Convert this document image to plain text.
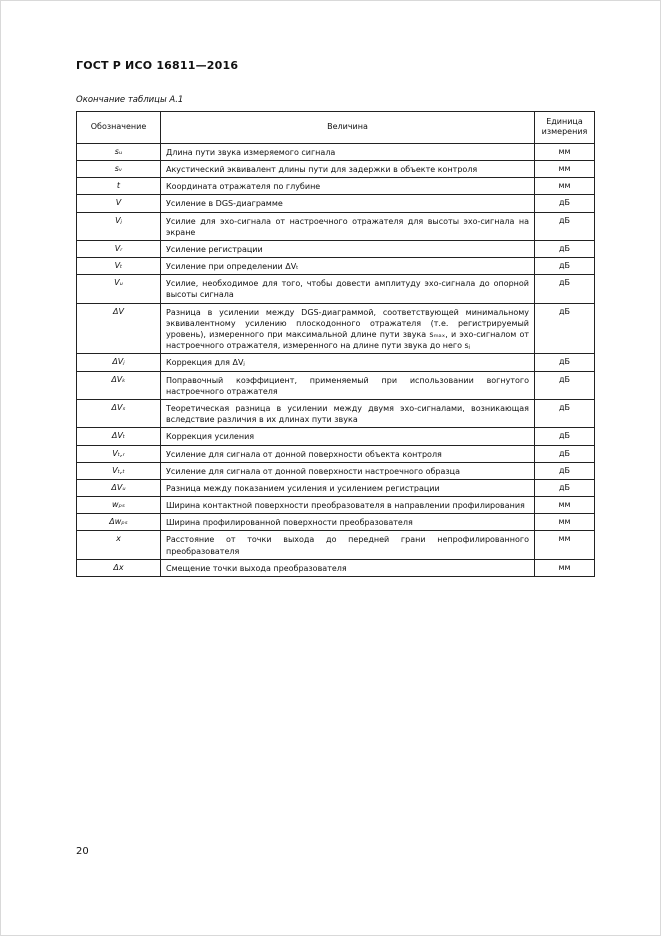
ГОСТ Р ИСО 16811—2016
Окончание таблицы А.1
Обозначение	Величина	Единица измерения
sᵤ	Длина пути звука измеряемого сигнала	мм
sᵥ	Акустический эквивалент длины пути для задержки в объекте контроля	мм
t	Координата отражателя по глубине	мм
V	Усиление в DGS-диаграмме	дБ
Vⱼ	Усилие для эхо-сигнала от настроечного отражателя для высоты эхо-сигнала на экране	дБ
Vᵣ	Усиление регистрации	дБ
Vₜ	Усиление при определении ΔVₜ	дБ
Vᵤ	Усилие, необходимое для того, чтобы довести амплитуду эхо-сигнала до опорной высоты сигнала	дБ
ΔV	Разница в усилении между DGS-диаграммой, соответствующей минимальному эквивалентному усилению плоскодонного отражателя (т.е. регистрируемый уровень), измеренного при максимальной длине пути звука sₘₐₓ, и эхо-сигналом от настроечного отражателя, измеренного на длине пути звука до него sⱼ	дБ
ΔVⱼ	Коррекция для ΔVⱼ	дБ
ΔVₖ	Поправочный коэффициент, применяемый при использовании вогнутого настроечного отражателя	дБ
ΔVₛ	Теоретическая разница в усилении между двумя эхо-сигналами, возникающая вследствие различия в их длинах пути звука	дБ
ΔVₜ	Коррекция усиления	дБ
Vₜ,ᵣ	Усиление для сигнала от донной поверхности объекта контроля	дБ
Vₜ,ₜ	Усиление для сигнала от донной поверхности настроечного образца	дБ
ΔVᵤ	Разница между показанием усиления и усилением регистрации	дБ
wₚₛ	Ширина контактной поверхности преобразователя в направлении профилирования	мм
Δwₚₛ	Ширина профилированной поверхности преобразователя	мм
x	Расстояние от точки выхода до передней грани непрофилированного преобразователя	мм
Δx	Смещение точки выхода преобразователя	мм
20
